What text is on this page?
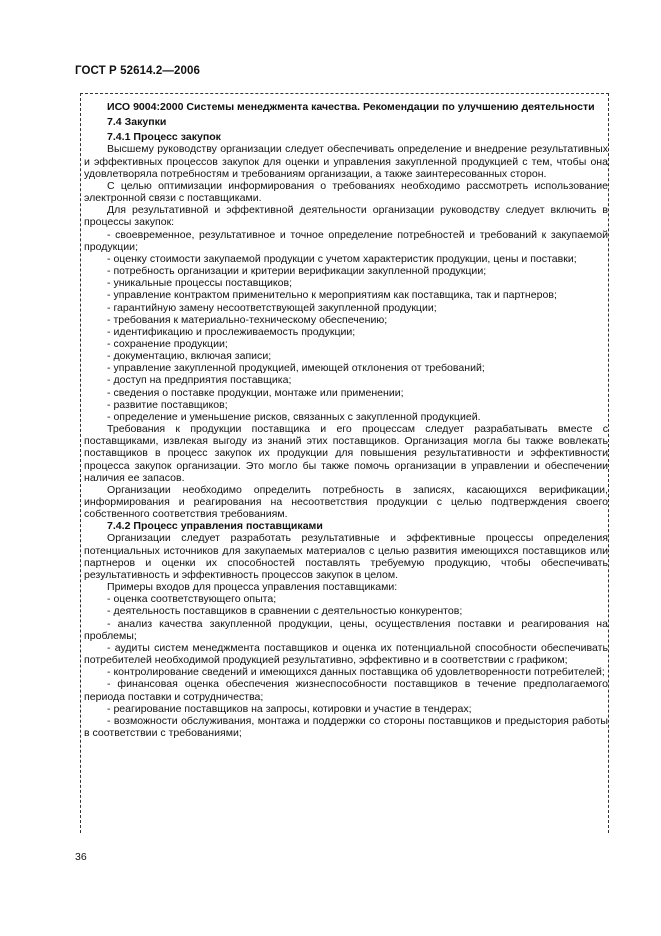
ГОСТ Р 52614.2—2006

ИСО 9004:2000 Системы менеджмента качества. Рекомендации по улучшению деятельности

7.4 Закупки

7.4.1 Процесс закупок

Высшему руководству организации следует обеспечивать определение и внедрение результативных и эффективных процессов закупок для оценки и управления закупленной продукцией с тем, чтобы она удовлетворяла потребностям и требованиям организации, а также заинтересованных сторон.

С целью оптимизации информирования о требованиях необходимо рассмотреть использование электронной связи с поставщиками.

Для результативной и эффективной деятельности организации руководству следует включить в процессы закупок:

- своевременное, результативное и точное определение потребностей и требований к закупаемой продукции;

- оценку стоимости закупаемой продукции с учетом характеристик продукции, цены и поставки;

- потребность организации и критерии верификации закупленной продукции;

- уникальные процессы поставщиков;

- управление контрактом применительно к мероприятиям как поставщика, так и партнеров;

- гарантийную замену несоответствующей закупленной продукции;

- требования к материально-техническому обеспечению;

- идентификацию и прослеживаемость продукции;

- сохранение продукции;

- документацию, включая записи;

- управление закупленной продукцией, имеющей отклонения от требований;

- доступ на предприятия поставщика;

- сведения о поставке продукции, монтаже или применении;

- развитие поставщиков;

- определение и уменьшение рисков, связанных с закупленной продукцией.

Требования к продукции поставщика и его процессам следует разрабатывать вместе с поставщиками, извлекая выгоду из знаний этих поставщиков. Организация могла бы также вовлекать поставщиков в процесс закупок их продукции для повышения результативности и эффективности процесса закупок организации. Это могло бы также помочь организации в управлении и обеспечении наличия ее запасов.

Организации необходимо определить потребность в записях, касающихся верификации, информирования и реагирования на несоответствия продукции с целью подтверждения своего собственного соответствия требованиям.

7.4.2 Процесс управления поставщиками

Организации следует разработать результативные и эффективные процессы определения потенциальных источников для закупаемых материалов с целью развития имеющихся поставщиков или партнеров и оценки их способностей поставлять требуемую продукцию, чтобы обеспечивать результативность и эффективность процессов закупок в целом.

Примеры входов для процесса управления поставщиками:

- оценка соответствующего опыта;

- деятельность поставщиков в сравнении с деятельностью конкурентов;

- анализ качества закупленной продукции, цены, осуществления поставки и реагирования на проблемы;

- аудиты систем менеджмента поставщиков и оценка их потенциальной способности обеспечивать потребителей необходимой продукцией результативно, эффективно и в соответствии с графиком;

- контролирование сведений и имеющихся данных поставщика об удовлетворенности потребителей;

- финансовая оценка обеспечения жизнеспособности поставщиков в течение предполагаемого периода поставки и сотрудничества;

- реагирование поставщиков на запросы, котировки и участие в тендерах;

- возможности обслуживания, монтажа и поддержки со стороны поставщиков и предыстория работы в соответствии с требованиями;

36
